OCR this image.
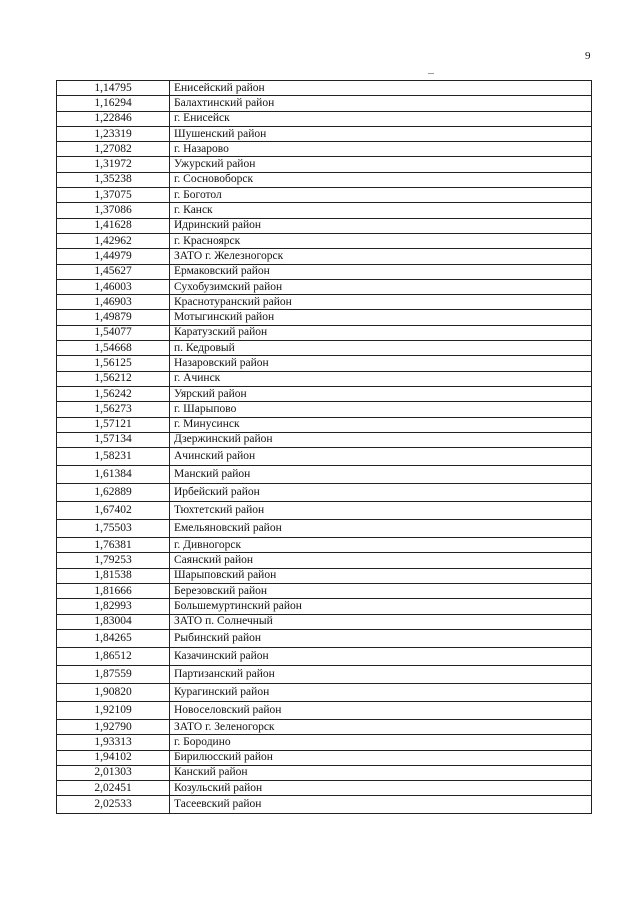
9
1,14795	Енисейский район
1,16294	Балахтинский район
1,22846	г. Енисейск
1,23319	Шушенский район
1,27082	г. Назарово
1,31972	Ужурский район
1,35238	г. Сосновоборск
1,37075	г. Боготол
1,37086	г. Канск
1,41628	Идринский район
1,42962	г. Красноярск
1,44979	ЗАТО г. Железногорск
1,45627	Ермаковский район
1,46003	Сухобузимский район
1,46903	Краснотуранский район
1,49879	Мотыгинский район
1,54077	Каратузский район
1,54668	п. Кедровый
1,56125	Назаровский район
1,56212	г. Ачинск
1,56242	Уярский район
1,56273	г. Шарыпово
1,57121	г. Минусинск
1,57134	Дзержинский район
1,58231	Ачинский район
1,61384	Манский район
1,62889	Ирбейский район
1,67402	Тюхтетский район
1,75503	Емельяновский район
1,76381	г. Дивногорск
1,79253	Саянский район
1,81538	Шарыповский район
1,81666	Березовский район
1,82993	Большемуртинский район
1,83004	ЗАТО п. Солнечный
1,84265	Рыбинский район
1,86512	Казачинский район
1,87559	Партизанский район
1,90820	Курагинский район
1,92109	Новоселовский район
1,92790	ЗАТО г. Зеленогорск
1,93313	г. Бородино
1,94102	Бирилюсский район
2,01303	Канский район
2,02451	Козульский район
2,02533	Тасеевский район
